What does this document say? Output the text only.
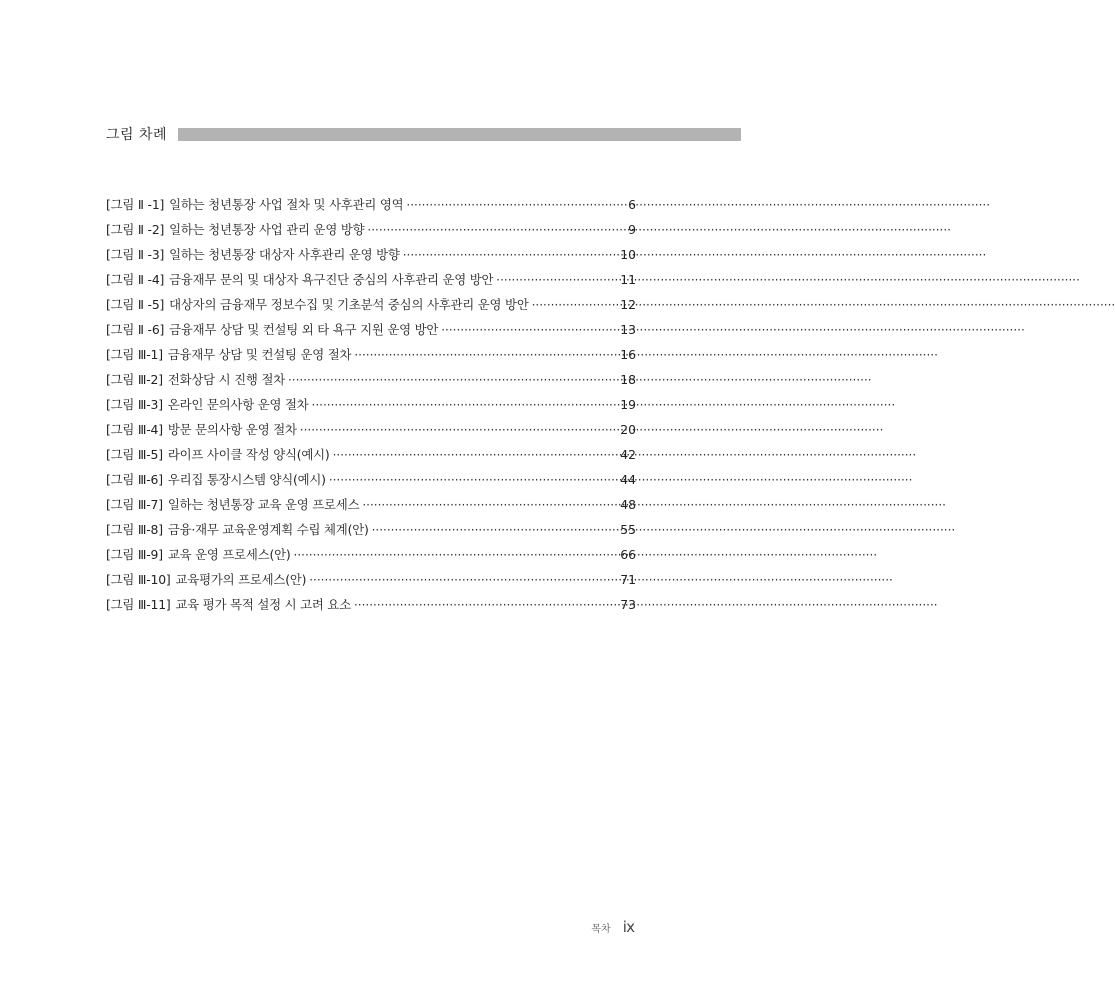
그림 차례
[그림 Ⅱ -1] 일하는 청년통장 사업 절차 및 사후관리 영역 ·····	6
[그림 Ⅱ -2] 일하는 청년통장 사업 관리 운영 방향 ·····	9
[그림 Ⅱ -3] 일하는 청년통장 대상자 사후관리 운영 방향 ·····	10
[그림 Ⅱ -4] 금융재무 문의 및 대상자 욕구진단 중심의 사후관리 운영 방안 ·····	11
[그림 Ⅱ -5] 대상자의 금융재무 정보수집 및 기초분석 중심의 사후관리 운영 방안 ·····	12
[그림 Ⅱ -6] 금융재무 상담 및 컨설팅 외 타 욕구 지원 운영 방안 ·····	13
[그림 Ⅲ-1] 금융재무 상담 및 컨설팅 운영 절차 ·····	16
[그림 Ⅲ-2] 전화상담 시 진행 절차 ·····	18
[그림 Ⅲ-3] 온라인 문의사항 운영 절차 ·····	19
[그림 Ⅲ-4] 방문 문의사항 운영 절차 ·····	20
[그림 Ⅲ-5] 라이프 사이클 작성 양식(예시) ·····	42
[그림 Ⅲ-6] 우리집 통장시스템 양식(예시) ·····	44
[그림 Ⅲ-7] 일하는 청년통장 교육 운영 프로세스 ·····	48
[그림 Ⅲ-8] 금융·재무 교육운영계획 수립 체계(안) ·····	55
[그림 Ⅲ-9] 교육 운영 프로세스(안) ·····	66
[그림 Ⅲ-10] 교육평가의 프로세스(안) ·····	71
[그림 Ⅲ-11] 교육 평가 목적 설정 시 고려 요소 ·····	73
목차 ⅸ
